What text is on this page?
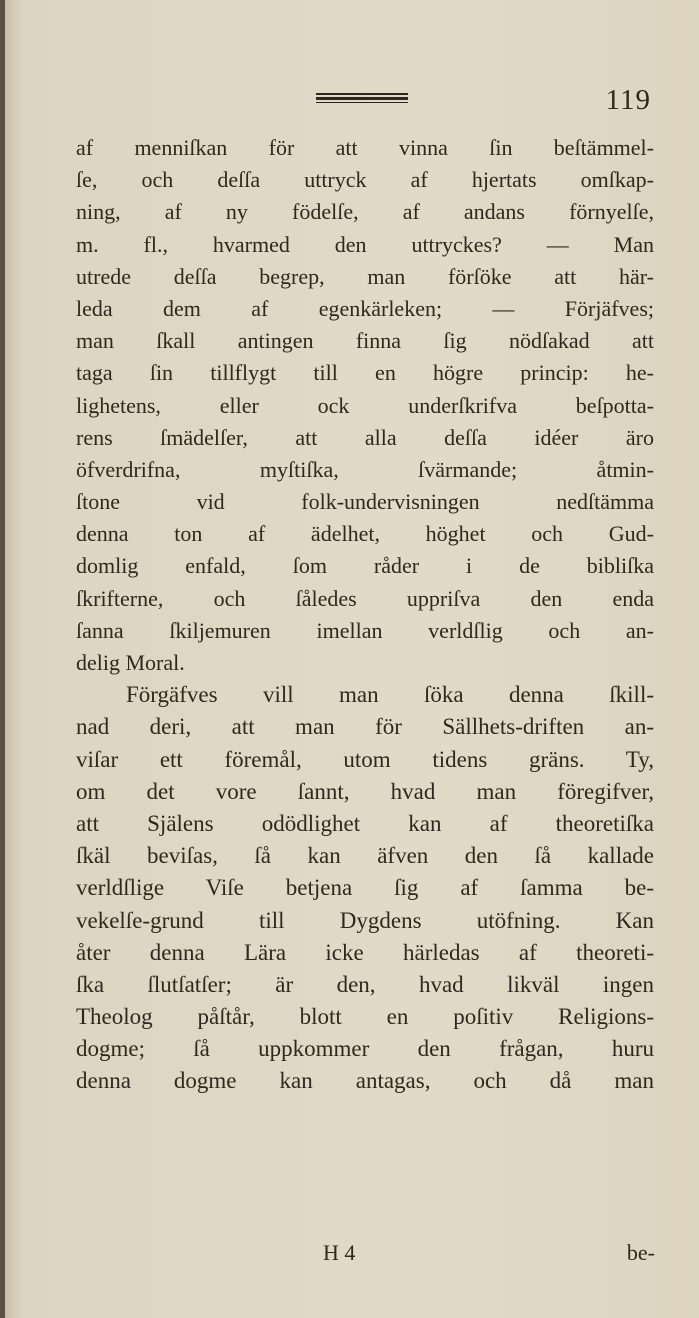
119
af menniſkan för att vinna ſin beſtämmel-
ſe, och deſſa uttryck af hjertats omſkap-
ning, af ny födelſe, af andans förnyelſe,
m. fl., hvarmed den uttryckes? — Man
utrede deſſa begrep, man förſöke att här-
leda dem af egenkärleken; — Förjäfves;
man ſkall antingen finna ſig nödſakad att
taga ſin tillflygt till en högre princip: he-
lighetens, eller ock underſkrifva beſpotta-
rens ſmädelſer, att alla deſſa idéer äro
öfverdrifna, myſtiſka, ſvärmande; åtmin-
ſtone vid folk-undervisningen nedſtämma
denna ton af ädelhet, höghet och Gud-
domlig enfald, ſom råder i de bibliſka
ſkrifterne, och ſåledes uppriſva den enda
ſanna ſkiljemuren imellan verldſlig och an-
delig Moral.
Förgäfves vill man ſöka denna ſkill-
nad deri, att man för Sällhets-driften an-
viſar ett föremål, utom tidens gräns. Ty,
om det vore ſannt, hvad man föregifver,
att Själens odödlighet kan af theoretiſka
ſkäl beviſas, ſå kan äfven den ſå kallade
verldſlige Viſe betjena ſig af ſamma be-
vekelſe-grund till Dygdens utöfning. Kan
åter denna Lära icke härledas af theoreti-
ſka ſlutſatſer; är den, hvad likväl ingen
Theolog påſtår, blott en poſitiv Religions-
dogme; ſå uppkommer den frågan, huru
denna dogme kan antagas, och då man
H 4	be-
